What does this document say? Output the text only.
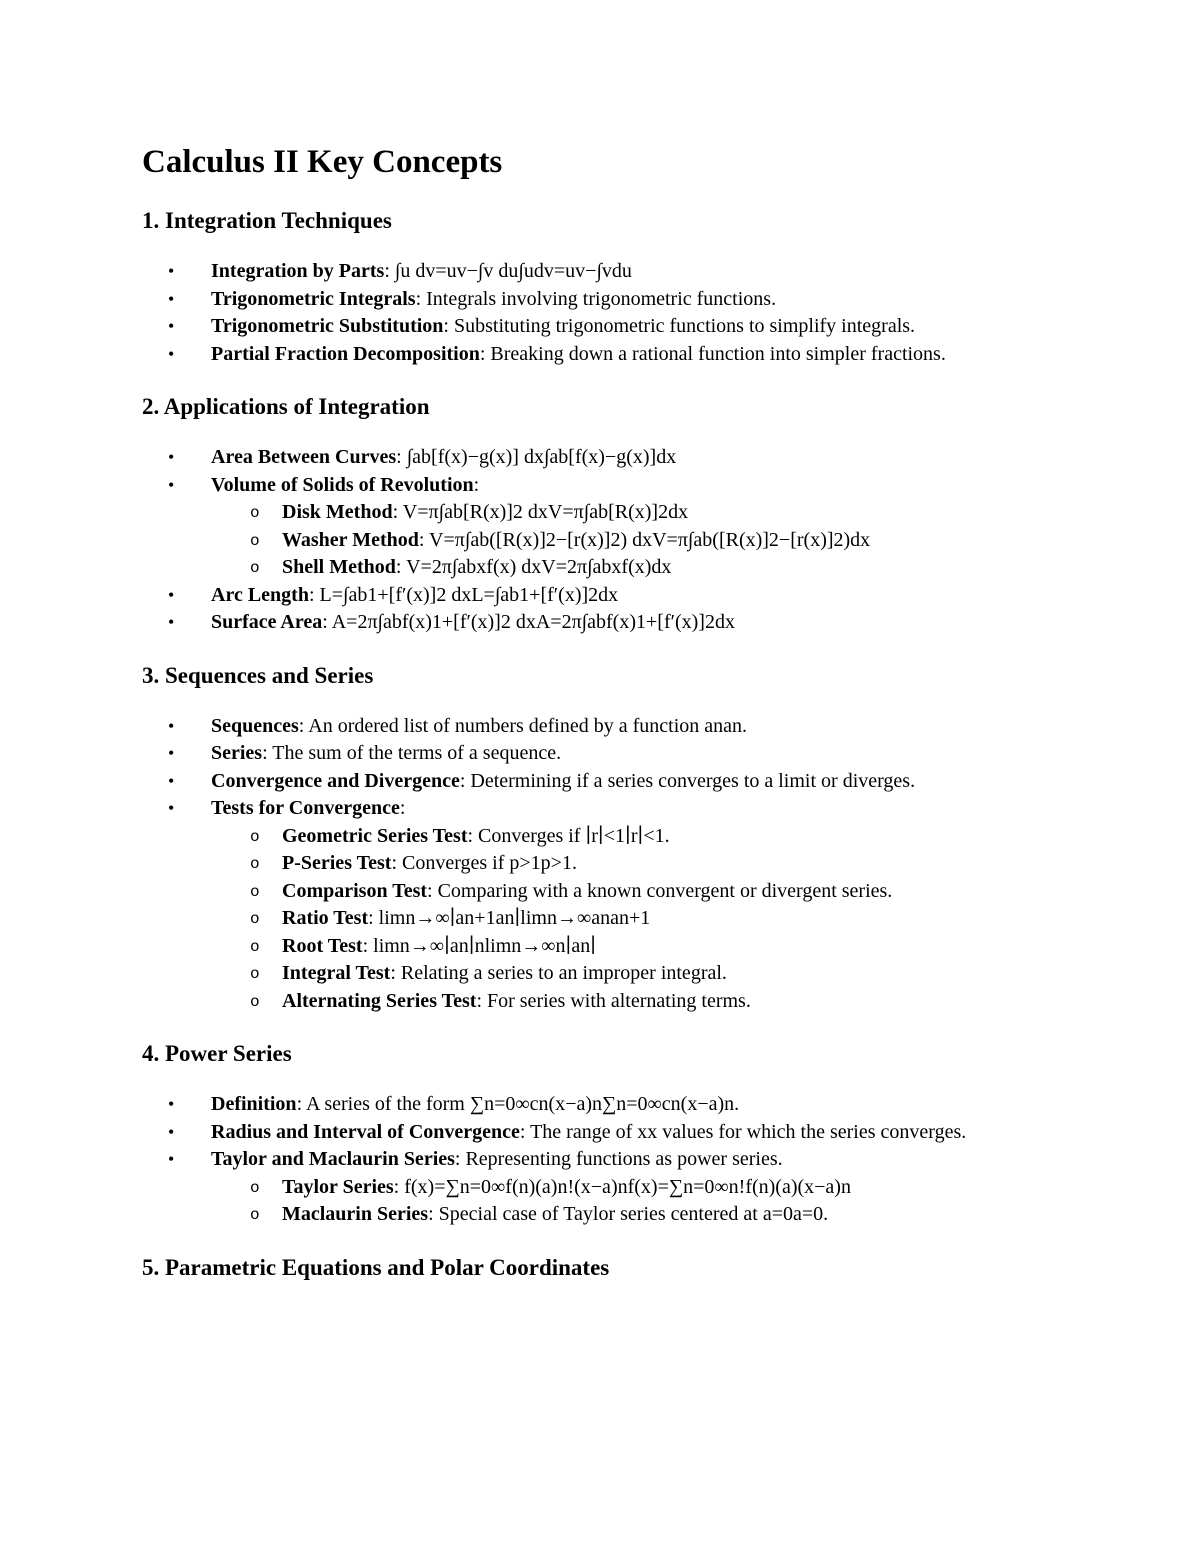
Calculus II Key Concepts
1. Integration Techniques
• Integration by Parts: ∫u dv=uv−∫v du∫udv=uv−∫vdu
• Trigonometric Integrals: Integrals involving trigonometric functions.
• Trigonometric Substitution: Substituting trigonometric functions to simplify integrals.
• Partial Fraction Decomposition: Breaking down a rational function into simpler fractions.
2. Applications of Integration
• Area Between Curves: ∫ab[f(x)−g(x)] dx∫ab[f(x)−g(x)]dx
• Volume of Solids of Revolution:
o Disk Method: V=π∫ab[R(x)]2 dxV=π∫ab[R(x)]2dx
o Washer Method: V=π∫ab([R(x)]2−[r(x)]2) dxV=π∫ab([R(x)]2−[r(x)]2)dx
o Shell Method: V=2π∫abxf(x) dxV=2π∫abxf(x)dx
• Arc Length: L=∫ab1+[f′(x)]2 dxL=∫ab1+[f′(x)]2dx
• Surface Area: A=2π∫abf(x)1+[f′(x)]2 dxA=2π∫abf(x)1+[f′(x)]2dx
3. Sequences and Series
• Sequences: An ordered list of numbers defined by a function anan.
• Series: The sum of the terms of a sequence.
• Convergence and Divergence: Determining if a series converges to a limit or diverges.
• Tests for Convergence:
o Geometric Series Test: Converges if ∣r∣<1∣r∣<1.
o P-Series Test: Converges if p>1p>1.
o Comparison Test: Comparing with a known convergent or divergent series.
o Ratio Test: limn→∞∣an+1an∣limn→∞anan+1
o Root Test: limn→∞∣an∣nlimn→∞n∣an∣
o Integral Test: Relating a series to an improper integral.
o Alternating Series Test: For series with alternating terms.
4. Power Series
• Definition: A series of the form ∑n=0∞cn(x−a)n∑n=0∞cn(x−a)n.
• Radius and Interval of Convergence: The range of xx values for which the series converges.
• Taylor and Maclaurin Series: Representing functions as power series.
o Taylor Series: f(x)=∑n=0∞f(n)(a)n!(x−a)nf(x)=∑n=0∞n!f(n)(a)(x−a)n
o Maclaurin Series: Special case of Taylor series centered at a=0a=0.
5. Parametric Equations and Polar Coordinates
